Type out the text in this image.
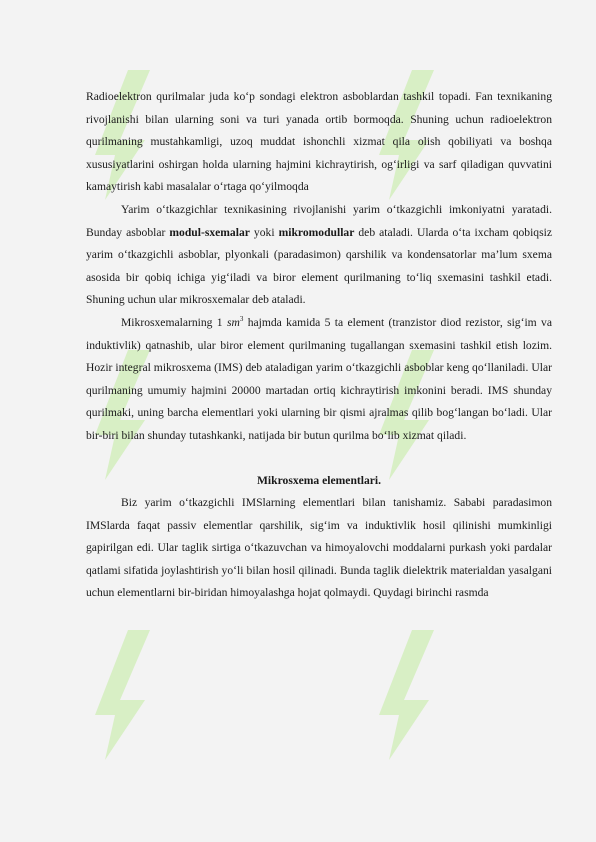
Radioelektron qurilmalar juda ko‘p sondagi elektron asboblardan tashkil topadi. Fan texnikaning rivojlanishi bilan ularning soni va turi yanada ortib bormoqda. Shuning uchun radioelektron qurilmaning mustahkamligi, uzoq muddat ishonchli xizmat qila olish qobiliyati va boshqa xususiyatlarini oshirgan holda ularning hajmini kichraytirish, og‘irligi va sarf qiladigan quvvatini kamaytirish kabi masalalar o‘rtaga qo‘yilmoqda

Yarim o‘tkazgichlar texnikasining rivojlanishi yarim o‘tkazgichli imkoniyatni yaratadi. Bunday asboblar modul-sxemalar yoki mikromodullar deb ataladi. Ularda o‘ta ixcham qobiqsiz yarim o‘tkazgichli asboblar, plyonkali (paradasimon) qarshilik va kondensatorlar ma’lum sxema asosida bir qobiq ichiga yig‘iladi va biror element qurilmaning to‘liq sxemasini tashkil etadi. Shuning uchun ular mikrosxemalar deb ataladi.

Mikrosxemalarning 1 $sm^3$ hajmda kamida 5 ta element (tranzistor diod rezistor, sig‘im va induktivlik) qatnashib, ular biror element qurilmaning tugallangan sxemasini tashkil etish lozim. Hozir integral mikrosxema (IMS) deb ataladigan yarim o‘tkazgichli asboblar keng qo‘llaniladi. Ular qurilmaning umumiy hajmini 20000 martadan ortiq kichraytirish imkonini beradi. IMS shunday qurilmaki, uning barcha elementlari yoki ularning bir qismi ajralmas qilib bog‘langan bo‘ladi. Ular bir-biri bilan shunday tutashkanki, natijada bir butun qurilma bo‘lib xizmat qiladi.

Mikrosxema elementlari.

Biz yarim o‘tkazgichli IMSlarning elementlari bilan tanishamiz. Sababi paradasimon IMSlarda faqat passiv elementlar qarshilik, sig‘im va induktivlik hosil qilinishi mumkinligi gapirilgan edi. Ular taglik sirtiga o‘tkazuvchan va himoyalovchi moddalarni purkash yoki pardalar qatlami sifatida joylashtirish yo‘li bilan hosil qilinadi. Bunda taglik dielektrik materialdan yasalgani uchun elementlarni bir-biridan himoyalashga hojat qolmaydi. Quydagi birinchi rasmda
